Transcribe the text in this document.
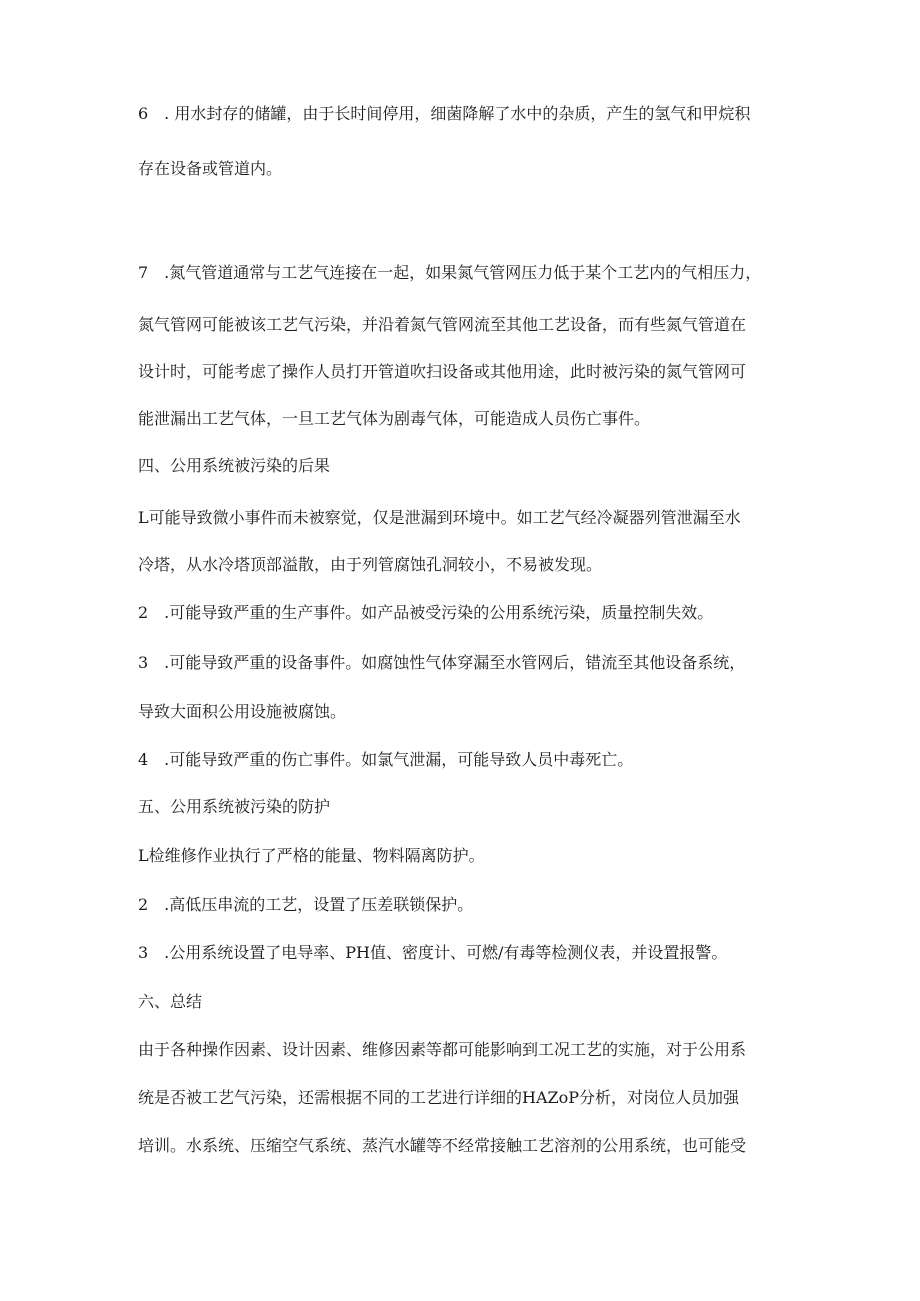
6　. 用水封存的储罐，由于长时间停用，细菌降解了水中的杂质，产生的氢气和甲烷积
存在设备或管道内。
7　.氮气管道通常与工艺气连接在一起，如果氮气管网压力低于某个工艺内的气相压力，
氮气管网可能被该工艺气污染，并沿着氮气管网流至其他工艺设备，而有些氮气管道在
设计时，可能考虑了操作人员打开管道吹扫设备或其他用途，此时被污染的氮气管网可
能泄漏出工艺气体，一旦工艺气体为剧毒气体，可能造成人员伤亡事件。
四、公用系统被污染的后果
L可能导致微小事件而未被察觉，仅是泄漏到环境中。如工艺气经冷凝器列管泄漏至水
冷塔，从水冷塔顶部溢散，由于列管腐蚀孔洞较小，不易被发现。
2　.可能导致严重的生产事件。如产品被受污染的公用系统污染，质量控制失效。
3　.可能导致严重的设备事件。如腐蚀性气体穿漏至水管网后，错流至其他设备系统，
导致大面积公用设施被腐蚀。
4　.可能导致严重的伤亡事件。如氯气泄漏，可能导致人员中毒死亡。
五、公用系统被污染的防护
L检维修作业执行了严格的能量、物料隔离防护。
2　.高低压串流的工艺，设置了压差联锁保护。
3　.公用系统设置了电导率、PH值、密度计、可燃/有毒等检测仪表，并设置报警。
六、总结
由于各种操作因素、设计因素、维修因素等都可能影响到工况工艺的实施，对于公用系
统是否被工艺气污染，还需根据不同的工艺进行详细的HAZoP分析，对岗位人员加强
培训。水系统、压缩空气系统、蒸汽水罐等不经常接触工艺溶剂的公用系统，也可能受
